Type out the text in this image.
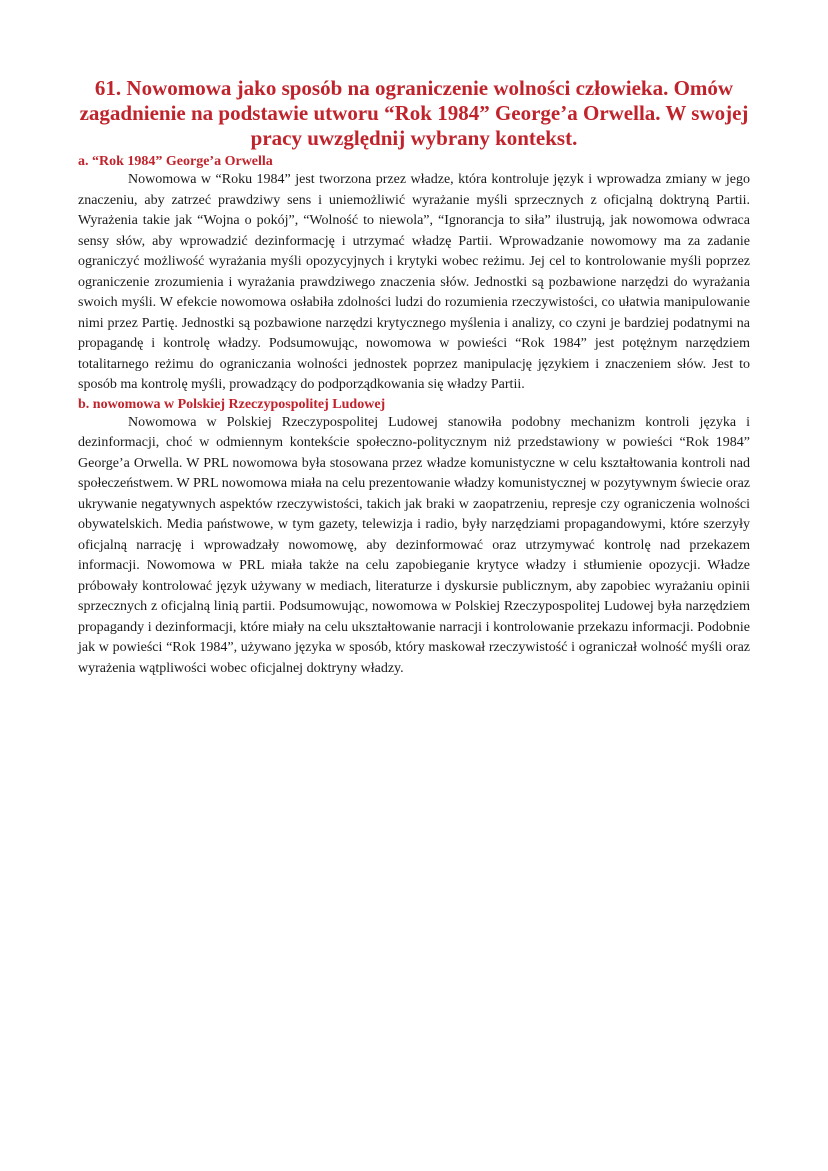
61. Nowomowa jako sposób na ograniczenie wolności człowieka. Omów zagadnienie na podstawie utworu “Rok 1984” George’a Orwella. W swojej pracy uwzględnij wybrany kontekst.
a. “Rok 1984” George’a Orwella

Nowomowa w “Roku 1984” jest tworzona przez władze, która kontroluje język i wprowadza zmiany w jego znaczeniu, aby zatrzeć prawdziwy sens i uniemożliwić wyrażanie myśli sprzecznych z oficjalną doktryną Partii. Wyrażenia takie jak “Wojna o pokój”, “Wolność to niewola”, “Ignorancja to siła” ilustrują, jak nowomowa odwraca sensy słów, aby wprowadzić dezinformację i utrzymać władzę Partii. Wprowadzanie nowomowy ma za zadanie ograniczyć możliwość wyrażania myśli opozycyjnych i krytyki wobec reżimu. Jej cel to kontrolowanie myśli poprzez ograniczenie zrozumienia i wyrażania prawdziwego znaczenia słów. Jednostki są pozbawione narzędzi do wyrażania swoich myśli. W efekcie nowomowa osłabiła zdolności ludzi do rozumienia rzeczywistości, co ułatwia manipulowanie nimi przez Partię. Jednostki są pozbawione narzędzi krytycznego myślenia i analizy, co czyni je bardziej podatnymi na propagandę i kontrolę władzy. Podsumowując, nowomowa w powieści “Rok 1984” jest potężnym narzędziem totalitarnego reżimu do ograniczania wolności jednostek poprzez manipulację językiem i znaczeniem słów. Jest to sposób ma kontrolę myśli, prowadzący do podporządkowania się władzy Partii.

b. nowomowa w Polskiej Rzeczypospolitej Ludowej

Nowomowa w Polskiej Rzeczypospolitej Ludowej stanowiła podobny mechanizm kontroli języka i dezinformacji, choć w odmiennym kontekście społeczno-politycznym niż przedstawiony w powieści “Rok 1984” George’a Orwella. W PRL nowomowa była stosowana przez władze komunistyczne w celu kształtowania kontroli nad społeczeństwem. W PRL nowomowa miała na celu prezentowanie władzy komunistycznej w pozytywnym świecie oraz ukrywanie negatywnych aspektów rzeczywistości, takich jak braki w zaopatrzeniu, represje czy ograniczenia wolności obywatelskich. Media państwowe, w tym gazety, telewizja i radio, były narzędziami propagandowymi, które szerzyły oficjalną narrację i wprowadzały nowomowę, aby dezinformować oraz utrzymywać kontrolę nad przekazem informacji. Nowomowa w PRL miała także na celu zapobieganie krytyce władzy i stłumienie opozycji. Władze próbowały kontrolować język używany w mediach, literaturze i dyskursie publicznym, aby zapobiec wyrażaniu opinii sprzecznych z oficjalną linią partii. Podsumowując, nowomowa w Polskiej Rzeczypospolitej Ludowej była narzędziem propagandy i dezinformacji, które miały na celu ukształtowanie narracji i kontrolowanie przekazu informacji. Podobnie jak w powieści “Rok 1984”, używano języka w sposób, który maskował rzeczywistość i ograniczał wolność myśli oraz wyrażenia wątpliwości wobec oficjalnej doktryny władzy.
